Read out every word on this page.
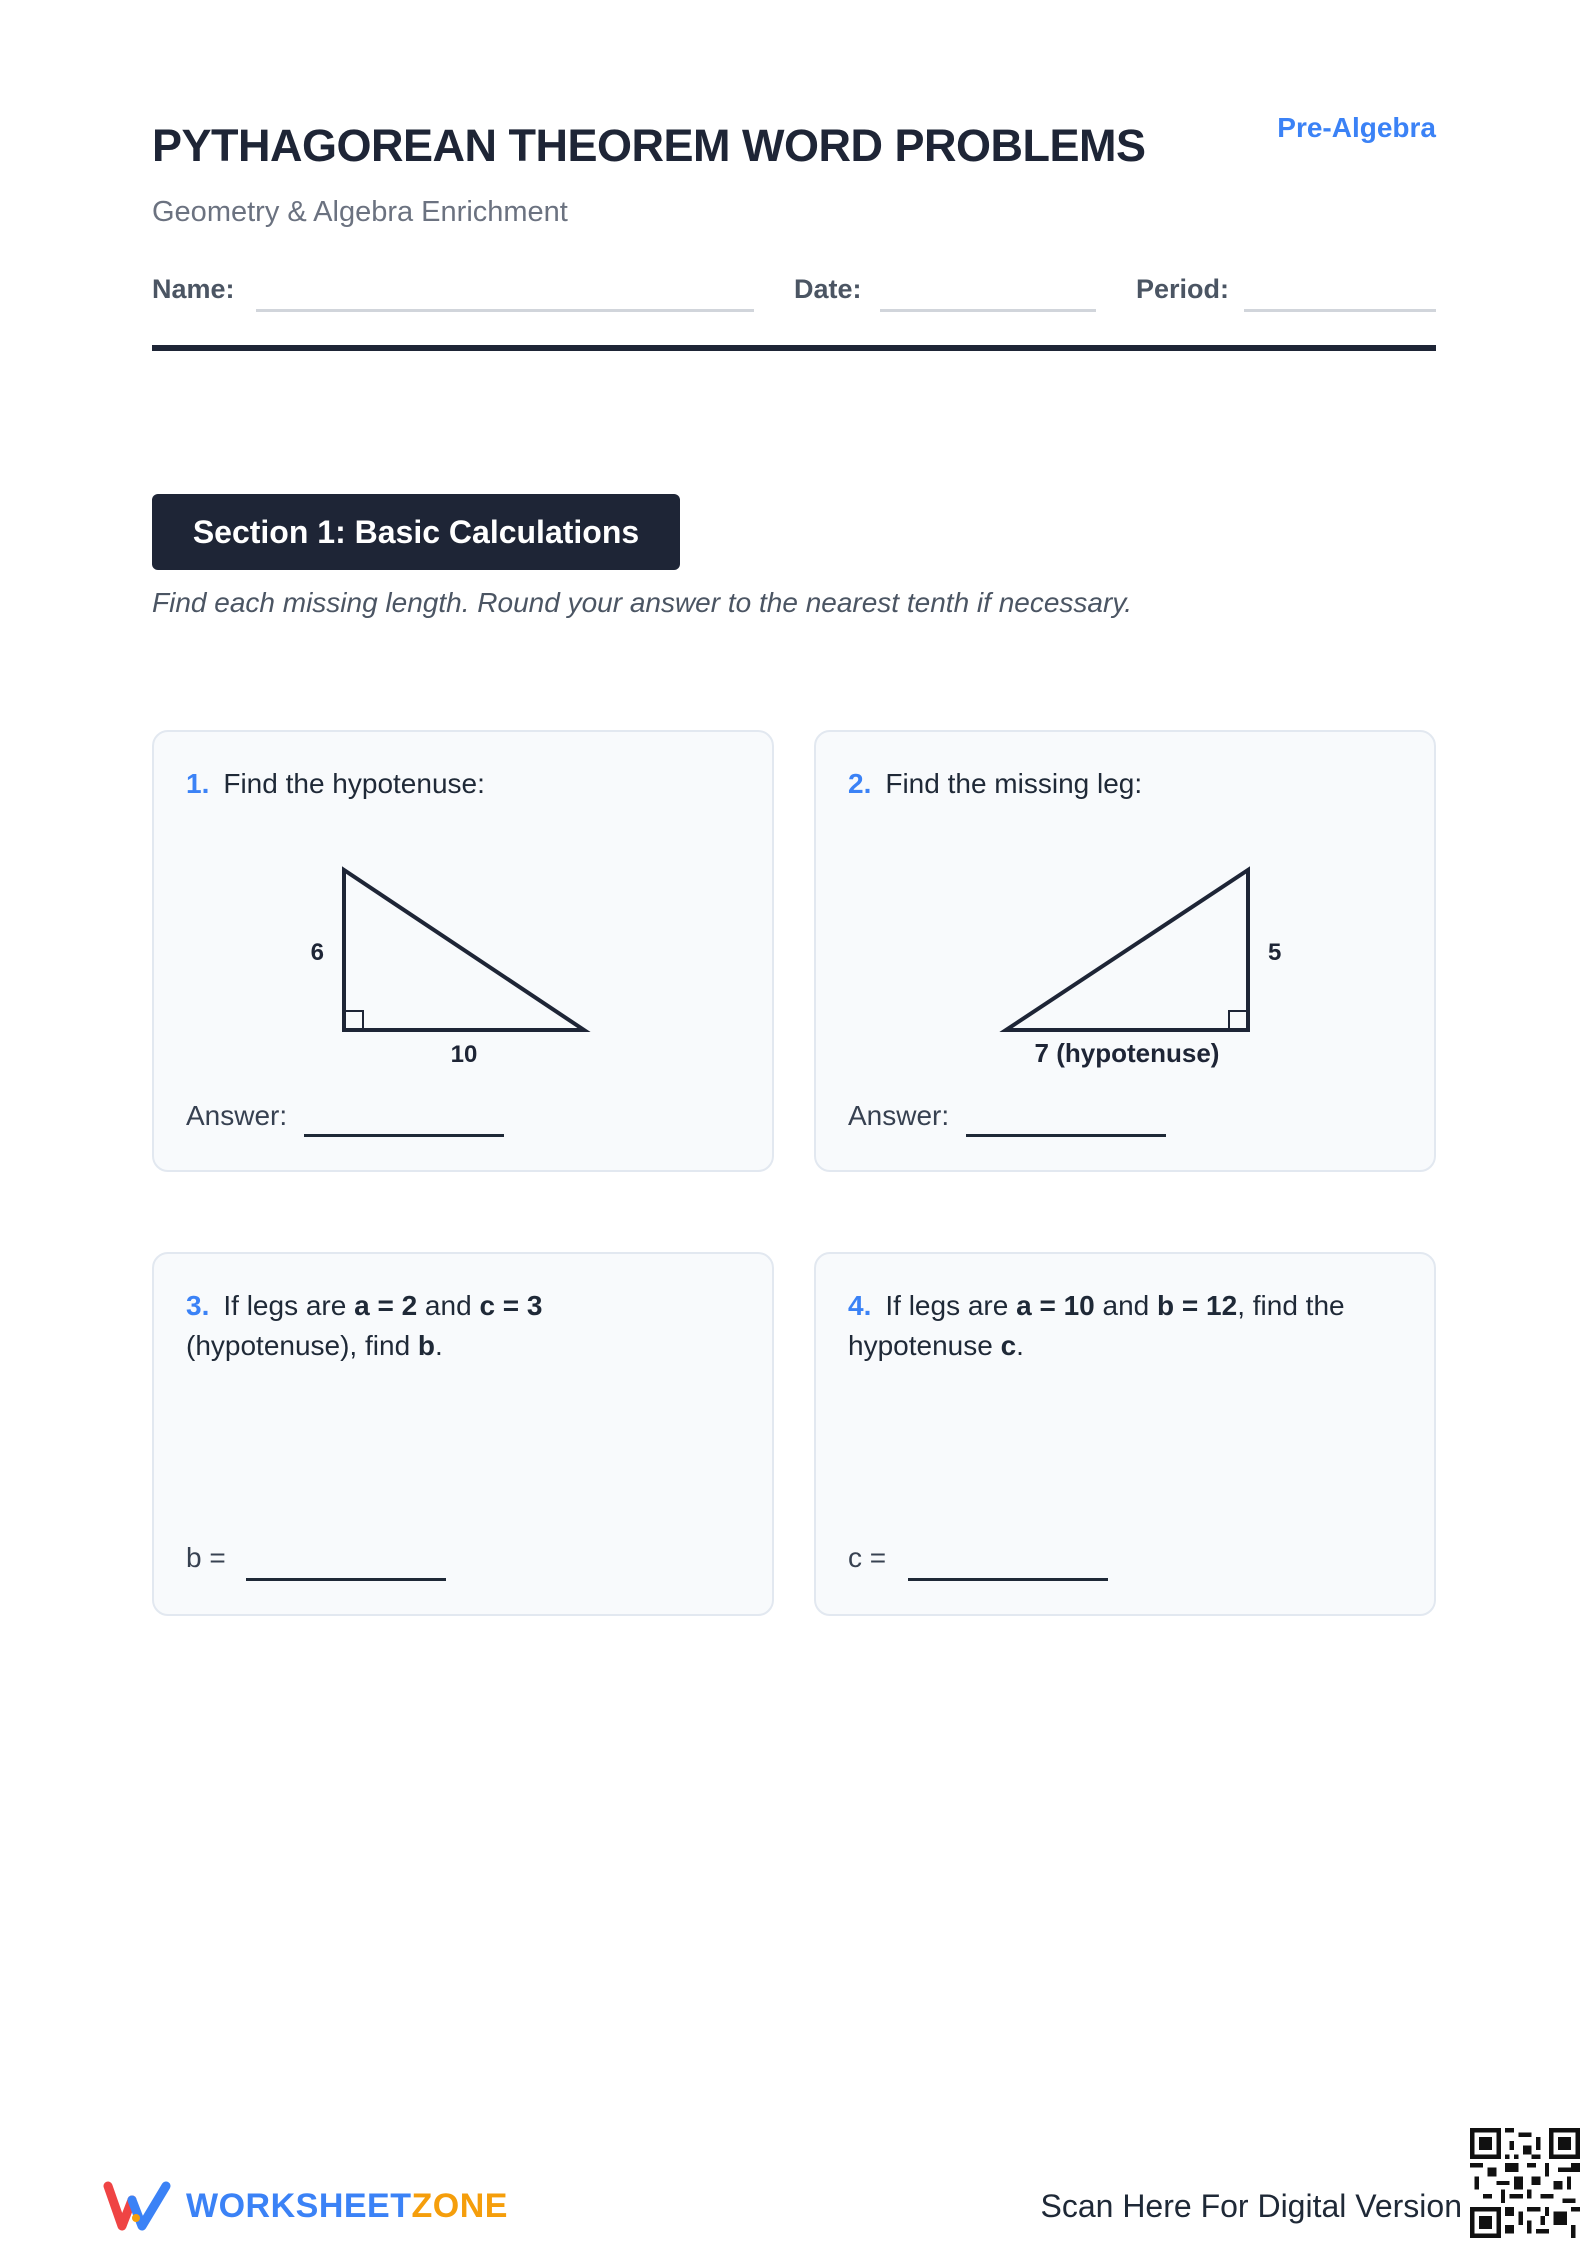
PYTHAGOREAN THEOREM WORD PROBLEMS	Pre-Algebra
Geometry & Algebra Enrichment
Name:	Date:	Period:
Section 1: Basic Calculations
Find each missing length. Round your answer to the nearest tenth if necessary.
1. Find the hypotenuse:
6
10
Answer:
2. Find the missing leg:
5
7 (hypotenuse)
Answer:
3. If legs are a = 2 and c = 3 (hypotenuse), find b.
b =
4. If legs are a = 10 and b = 12, find the hypotenuse c.
c =
WORKSHEETZONE	Scan Here For Digital Version
